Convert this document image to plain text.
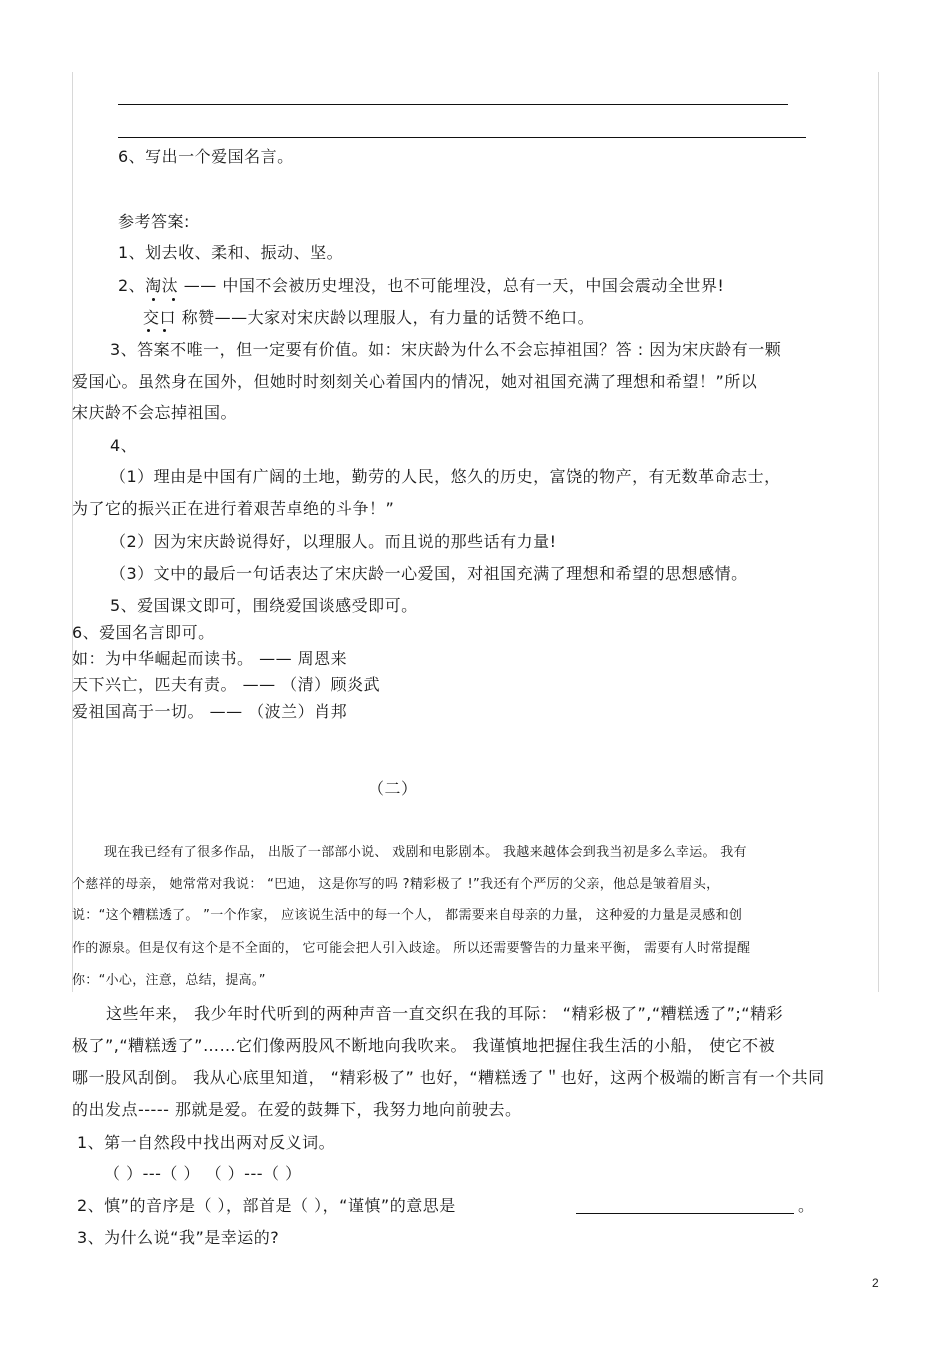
6、写出一个爱国名言。
参考答案:
1、划去收、柔和、振动、坚。
2、淘汰 —— 中国不会被历史埋没，也不可能埋没，总有一天，中国会震动全世界!
交口 称赞——大家对宋庆龄以理服人，有力量的话赞不绝口。
3、答案不唯一，但一定要有价值。如：宋庆龄为什么不会忘掉祖国？答 : 因为宋庆龄有一颗
爱国心。虽然身在国外，但她时时刻刻关心着国内的情况，她对祖国充满了理想和希望！”所以
宋庆龄不会忘掉祖国。
4、
（1）理由是中国有广阔的土地，勤劳的人民，悠久的历史，富饶的物产，有无数革命志士，
为了它的振兴正在进行着艰苦卓绝的斗争！”
（2）因为宋庆龄说得好，以理服人。而且说的那些话有力量!
（3）文中的最后一句话表达了宋庆龄一心爱国，对祖国充满了理想和希望的思想感情。
5、爱国课文即可，围绕爱国谈感受即可。
6、爱国名言即可。
如：为中华崛起而读书。 —— 周恩来
天下兴亡，匹夫有责。 —— （清）顾炎武
爱祖国高于一切。 —— （波兰）肖邦
（二）
现在我已经有了很多作品， 出版了一部部小说、 戏剧和电影剧本。 我越来越体会到我当初是多么幸运。 我有
个慈祥的母亲， 她常常对我说： “巴迪， 这是你写的吗 ?精彩极了 !”我还有个严厉的父亲，他总是皱着眉头，
说：“这个糟糕透了。 ”一个作家， 应该说生活中的每一个人， 都需要来自母亲的力量， 这种爱的力量是灵感和创
作的源泉。但是仅有这个是不全面的， 它可能会把人引入歧途。 所以还需要警告的力量来平衡， 需要有人时常提醒
你：“小心，注意，总结，提高。”
这些年来， 我少年时代听到的两种声音一直交织在我的耳际： “精彩极了”,“糟糕透了”;“精彩
极了”,“糟糕透了”……它们像两股风不断地向我吹来。 我谨慎地把握住我生活的小船， 使它不被
哪一股风刮倒。 我从心底里知道， “精彩极了” 也好，“糟糕透了＂也好，这两个极端的断言有一个共同
的出发点----- 那就是爱。在爱的鼓舞下，我努力地向前驶去。
1、第一自然段中找出两对反义词。
（ ）---（ ） （ ）---（ ）
2、慎”的音序是（ ），部首是（ ），“谨慎”的意思是	。
3、为什么说“我”是幸运的?
2
